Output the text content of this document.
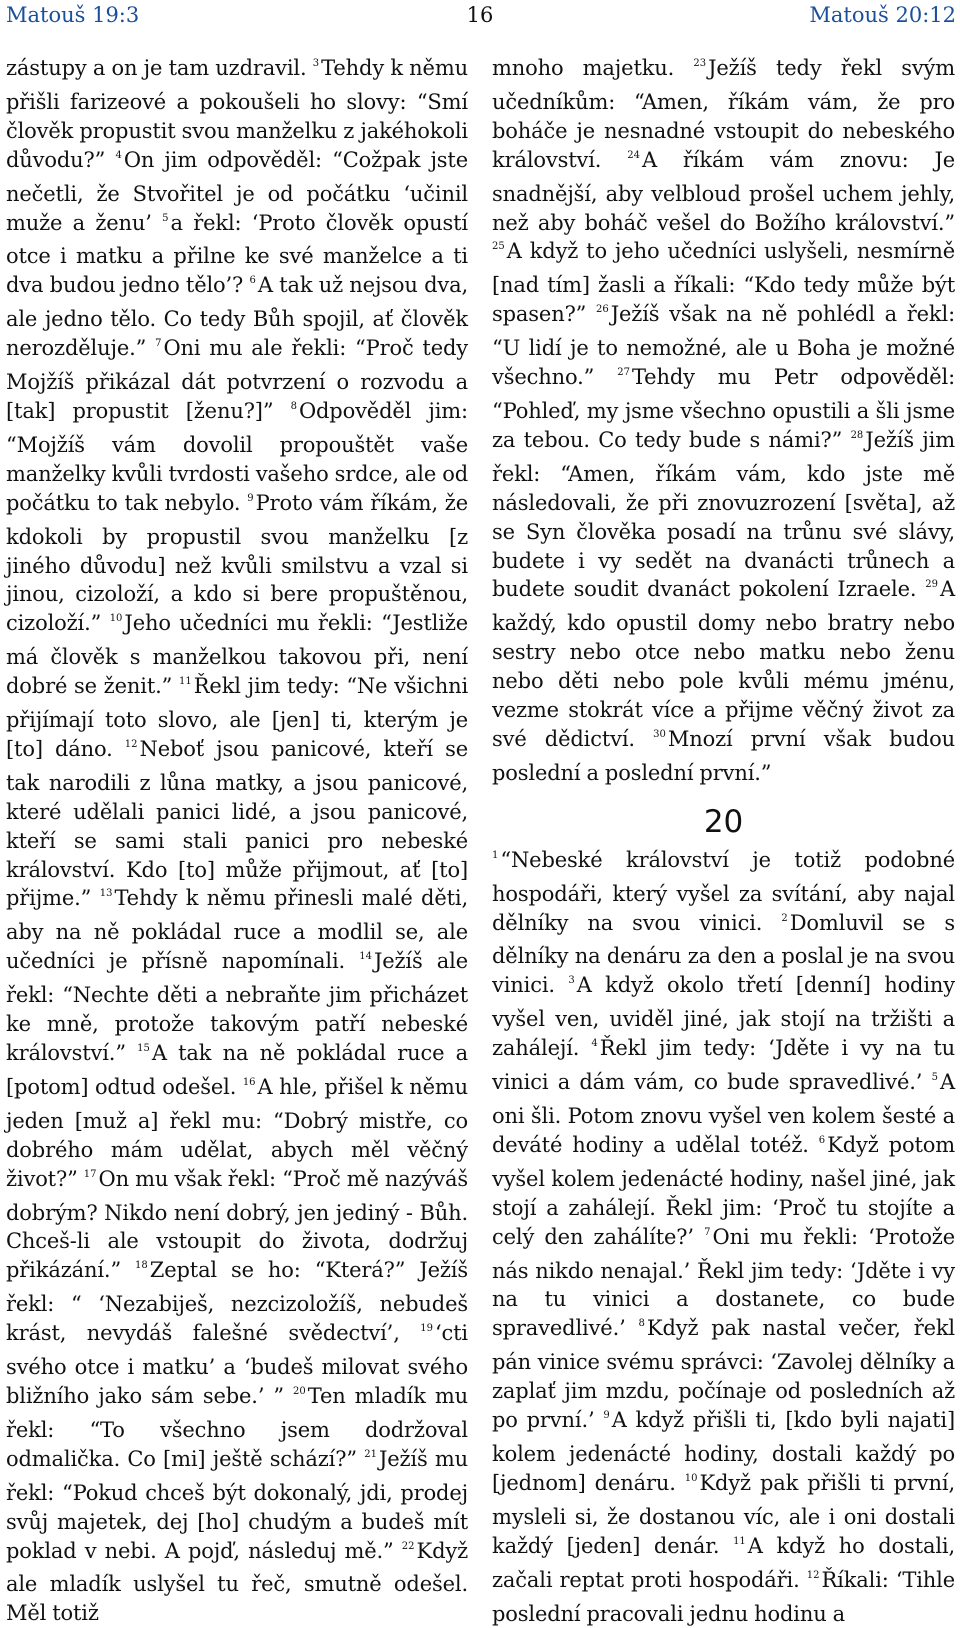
16
Matouš 19:3	Matouš 20:12

zástupy a on je tam uzdravil. $^3$Tehdy k němu přišli farizeové a pokoušeli ho slovy: “Smí člověk propustit svou manželku z jakéhokoli důvodu?” $^4$On jim odpověděl: “Cožpak jste nečetli, že Stvořitel je od počátku ‘učinil muže a ženu’ $^5$a řekl: ‘Proto člověk opustí otce i matku a přilne ke své manželce a ti dva budou jedno tělo’? $^6$A tak už nejsou dva, ale jedno tělo. Co tedy Bůh spojil, ať člověk nerozděluje.” $^7$Oni mu ale řekli: “Proč tedy Mojžíš přikázal dát potvrzení o rozvodu a [tak] propustit [ženu?]” $^8$Odpověděl jim: “Mojžíš vám dovolil propouštět vaše manželky kvůli tvrdosti vašeho srdce, ale od počátku to tak nebylo. $^9$Proto vám říkám, že kdokoli by propustil svou manželku [z jiného důvodu] než kvůli smilstvu a vzal si jinou, cizoloží, a kdo si bere propuštěnou, cizoloží.” $^{10}$Jeho učedníci mu řekli: “Jestliže má člověk s manželkou takovou při, není dobré se ženit.” $^{11}$Řekl jim tedy: “Ne všichni přijímají toto slovo, ale [jen] ti, kterým je [to] dáno. $^{12}$Neboť jsou panicové, kteří se tak narodili z lůna matky, a jsou panicové, které udělali panici lidé, a jsou panicové, kteří se sami stali panici pro nebeské království. Kdo [to] může přijmout, ať [to] přijme.” $^{13}$Tehdy k němu přinesli malé děti, aby na ně pokládal ruce a modlil se, ale učedníci je přísně napomínali. $^{14}$Ježíš ale řekl: “Nechte děti a nebraňte jim přicházet ke mně, protože takovým patří nebeské království.” $^{15}$A tak na ně pokládal ruce a [potom] odtud odešel. $^{16}$A hle, přišel k němu jeden [muž a] řekl mu: “Dobrý mistře, co dobrého mám udělat, abych měl věčný život?” $^{17}$On mu však řekl: “Proč mě nazýváš dobrým? Nikdo není dobrý, jen jediný - Bůh. Chceš-li ale vstoupit do života, dodržuj přikázání.” $^{18}$Zeptal se ho: “Která?” Ježíš řekl: “ ‘Nezabiješ, nezcizoložíš, nebudeš krást, nevydáš falešné svědectví’, $^{19}$‘cti svého otce i matku’ a ‘budeš milovat svého bližního jako sám sebe.’ ” $^{20}$Ten mladík mu řekl: “To všechno jsem dodržoval odmalička. Co [mi] ještě schází?” $^{21}$Ježíš mu řekl: “Pokud chceš být dokonalý, jdi, prodej svůj majetek, dej [ho] chudým a budeš mít poklad v nebi. A pojď, následuj mě.” $^{22}$Když ale mladík uslyšel tu řeč, smutně odešel. Měl totiž

mnoho majetku. $^{23}$Ježíš tedy řekl svým učedníkům: “Amen, říkám vám, že pro boháče je nesnadné vstoupit do nebeského království.	$^{24}$A říkám vám znovu: Je snadnější, aby velbloud prošel uchem jehly, než aby boháč vešel do Božího království.” $^{25}$A když to jeho učedníci uslyšeli, nesmírně [nad tím] žasli a říkali: “Kdo tedy může být spasen?” $^{26}$Ježíš však na ně pohlédl a řekl: “U lidí je to nemožné, ale u Boha je možné všechno.” $^{27}$Tehdy mu Petr odpověděl: “Pohleď, my jsme všechno opustili a šli jsme za tebou. Co tedy bude s námi?” $^{28}$Ježíš jim řekl: “Amen, říkám vám, kdo jste mě následovali, že při znovuzrození [světa], až se Syn člověka posadí na trůnu své slávy, budete i vy sedět na dvanácti trůnech a budete soudit dvanáct pokolení Izraele. $^{29}$A každý, kdo opustil domy nebo bratry nebo sestry nebo otce nebo matku nebo ženu nebo děti nebo pole kvůli mému jménu, vezme stokrát více a přijme věčný život za své dědictví. $^{30}$Mnozí první však budou poslední a poslední první.”

20

$^1$“Nebeské království je totiž podobné hospodáři, který vyšel za svítání, aby najal dělníky na svou vinici. $^2$Domluvil se s dělníky na denáru za den a poslal je na svou vinici. $^3$A když okolo třetí [denní] hodiny vyšel ven, uviděl jiné, jak stojí na tržišti a zahálejí. $^4$Řekl jim tedy: ‘Jděte i vy na tu vinici a dám vám, co bude spravedlivé.’ $^5$A oni šli. Potom znovu vyšel ven kolem šesté a deváté hodiny a udělal totéž. $^6$Když potom vyšel kolem jedenácté hodiny, našel jiné, jak stojí a zahálejí. Řekl jim: ‘Proč tu stojíte a celý den zahálíte?’ $^7$Oni mu řekli: ‘Protože nás nikdo nenajal.’ Řekl jim tedy: ‘Jděte i vy na tu vinici a dostanete, co bude spravedlivé.’ $^8$Když pak nastal večer, řekl pán vinice svému správci: ‘Zavolej dělníky a zaplať jim mzdu, počínaje od posledních až po první.’ $^9$A když přišli ti, [kdo byli najati] kolem jedenácté hodiny, dostali každý po [jednom] denáru. $^{10}$Když pak přišli ti první, mysleli si, že dostanou víc, ale i oni dostali každý [jeden] denár. $^{11}$A když ho dostali, začali reptat proti hospodáři. $^{12}$Říkali: ‘Tihle poslední pracovali jednu hodinu a
